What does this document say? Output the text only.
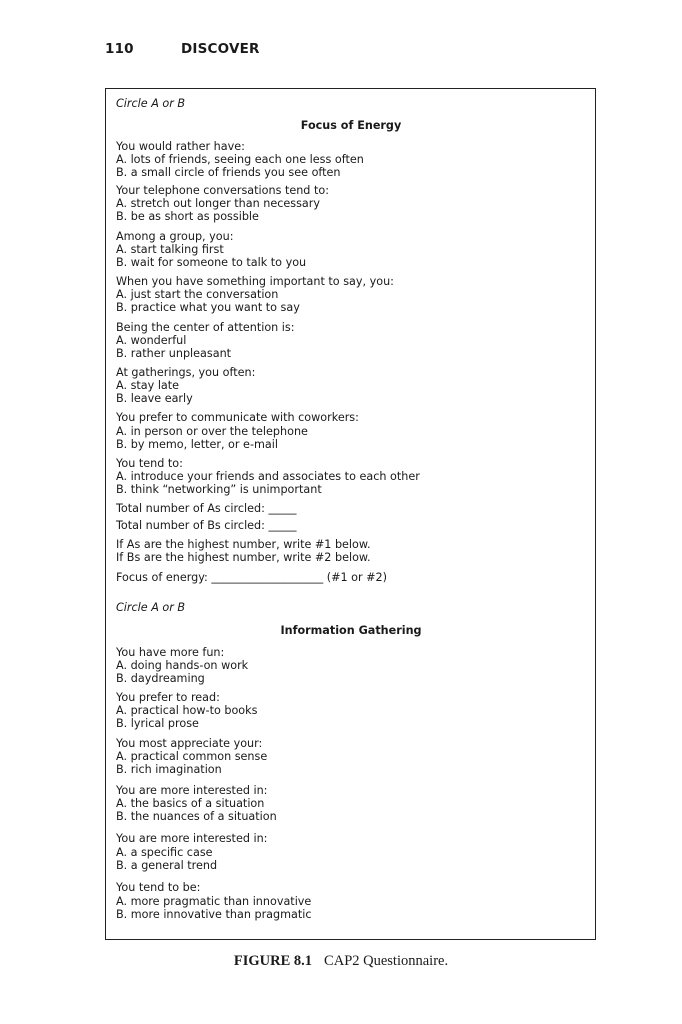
110	DISCOVER
Circle A or B
Focus of Energy
You would rather have:
A. lots of friends, seeing each one less often
B. a small circle of friends you see often
Your telephone conversations tend to:
A. stretch out longer than necessary
B. be as short as possible
Among a group, you:
A. start talking first
B. wait for someone to talk to you
When you have something important to say, you:
A. just start the conversation
B. practice what you want to say
Being the center of attention is:
A. wonderful
B. rather unpleasant
At gatherings, you often:
A. stay late
B. leave early
You prefer to communicate with coworkers:
A. in person or over the telephone
B. by memo, letter, or e-mail
You tend to:
A. introduce your friends and associates to each other
B. think “networking” is unimportant
Total number of As circled: _____
Total number of Bs circled: _____
If As are the highest number, write #1 below.
If Bs are the highest number, write #2 below.
Focus of energy: ____________________ (#1 or #2)
Circle A or B
Information Gathering
You have more fun:
A. doing hands-on work
B. daydreaming
You prefer to read:
A. practical how-to books
B. lyrical prose
You most appreciate your:
A. practical common sense
B. rich imagination
You are more interested in:
A. the basics of a situation
B. the nuances of a situation
You are more interested in:
A. a specific case
B. a general trend
You tend to be:
A. more pragmatic than innovative
B. more innovative than pragmatic
FIGURE 8.1 CAP2 Questionnaire.
